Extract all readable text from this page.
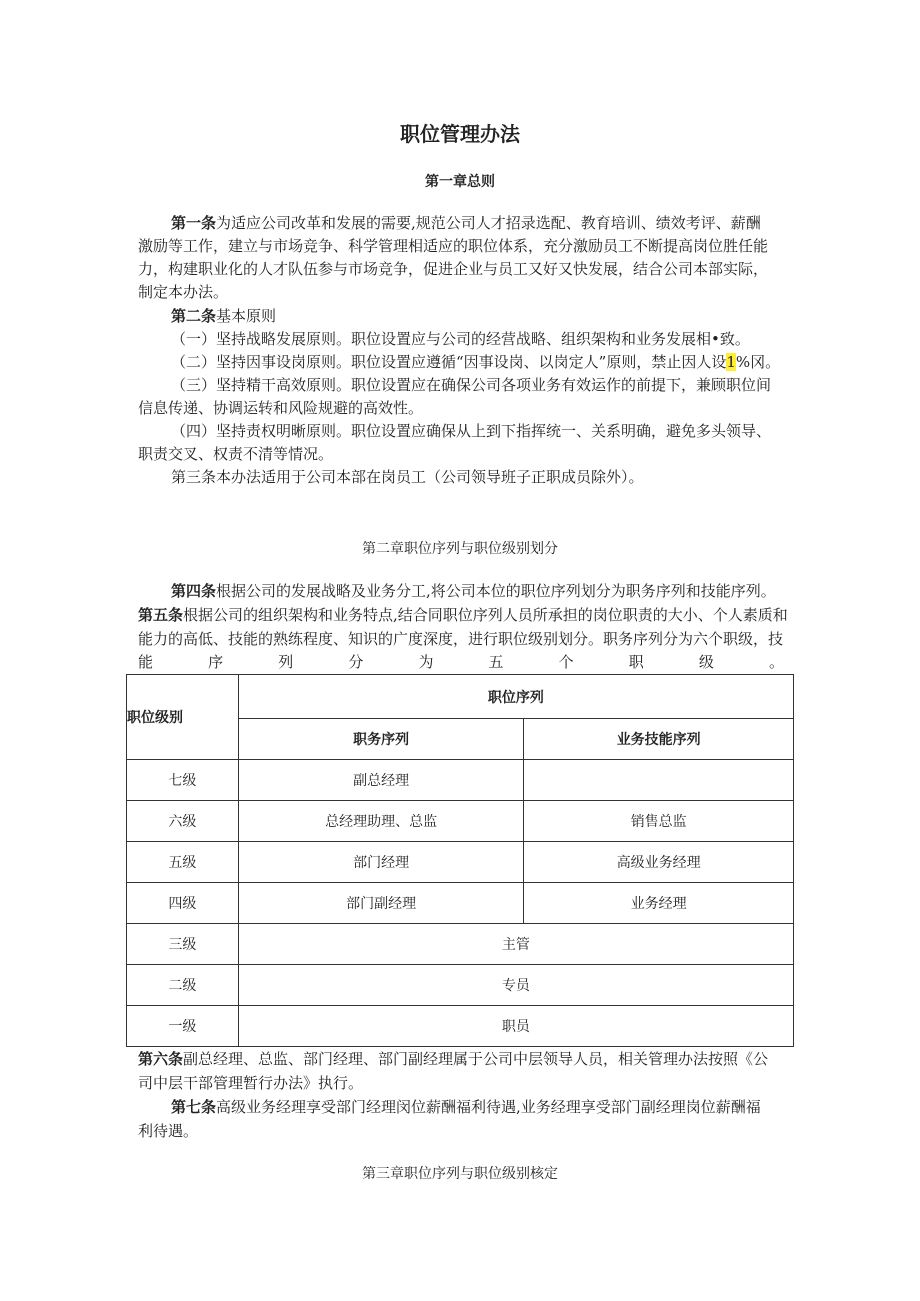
职位管理办法
第一章总则
第一条为适应公司改革和发展的需要,规范公司人才招录选配、教育培训、绩效考评、薪酬
激励等工作，建立与市场竞争、科学管理相适应的职位体系，充分激励员工不断提高岗位胜任能
力，构建职业化的人才队伍参与市场竞争，促进企业与员工又好又快发展，结合公司本部实际，
制定本办法。
第二条基本原则
（一）坚持战略发展原则。职位设置应与公司的经营战略、组织架构和业务发展相•致。
（二）坚持因事设岗原则。职位设置应遵循“因事设岗、以岗定人”原则，禁止因人设1%冈。
（三）坚持精干高效原则。职位设置应在确保公司各项业务有效运作的前提下，兼顾职位间
信息传递、协调运转和风险规避的高效性。
（四）坚持责权明晰原则。职位设置应确保从上到下指挥统一、关系明确，避免多头领导、
职责交叉、权责不清等情况。
第三条本办法适用于公司本部在岗员工（公司领导班子正职成员除外）。
第二章职位序列与职位级别划分
第四条根据公司的发展战略及业务分工,将公司本位的职位序列划分为职务序列和技能序列。
第五条根据公司的组织架构和业务特点,结合同职位序列人员所承担的岗位职责的大小、个人素质和
能力的高低、技能的熟练程度、知识的广度深度，进行职位级别划分。职务序列分为六个职级，技
能	序	列	分	为	五	个	职	级	。
职位级别	职位序列	
	职务序列	业务技能序列
七级	副总经理	
六级	总经理助理、总监	销售总监
五级	部门经理	高级业务经理
四级	部门副经理	业务经理
三级	主管	
二级	专员	
一级	职员	
第六条副总经理、总监、部门经理、部门副经理属于公司中层领导人员，相关管理办法按照《公
司中层干部管理暂行办法》执行。
第七条高级业务经理享受部门经理闵位薪酬福利待遇,业务经理享受部门副经理岗位薪酬福
利待遇。
第三章职位序列与职位级别核定
